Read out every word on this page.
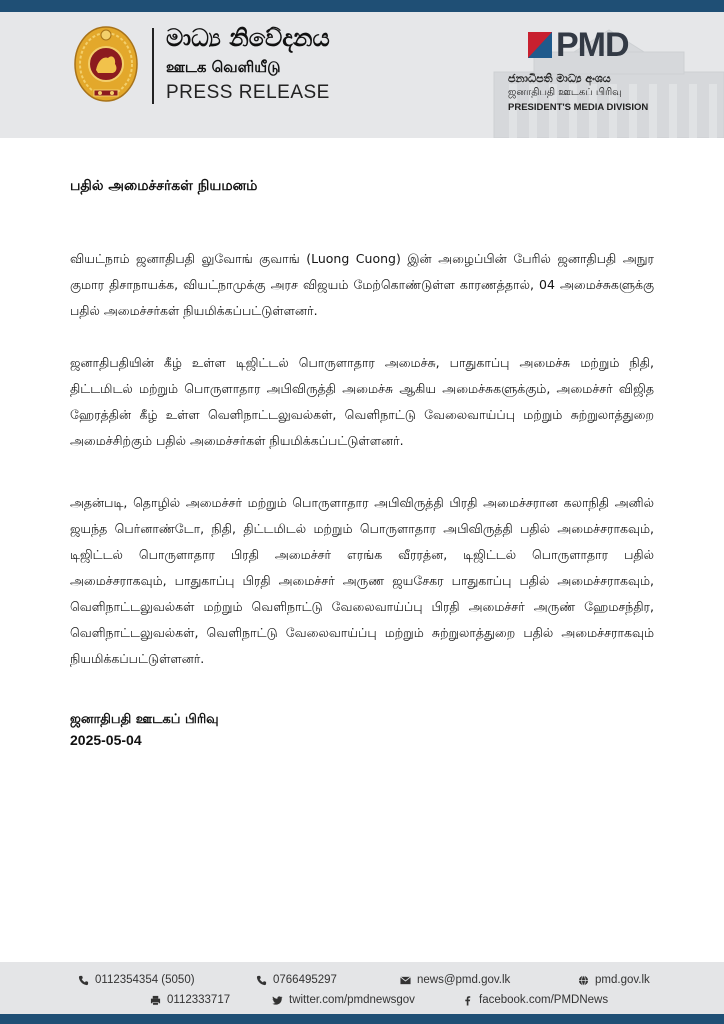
මාධ්‍ය නිවේදනය
ஊடக வெளியீடு
PRESS RELEASE
PMD
ජනාධිපති මාධ්‍ය අංශය
ஜனாதிபதி ஊடகப் பிரிவு
PRESIDENT'S MEDIA DIVISION
பதில் அமைச்சர்கள் நியமனம்

வியட்நாம் ஜனாதிபதி லுவோங் குவாங் (Luong Cuong) இன் அழைப்பின் பேரில் ஜனாதிபதி அநுர குமார திசாநாயக்க, வியட்நாமுக்கு அரச விஜயம் மேற்கொண்டுள்ள காரணத்தால், 04 அமைச்சுகளுக்கு பதில் அமைச்சர்கள் நியமிக்கப்பட்டுள்ளனர்.

ஜனாதிபதியின் கீழ் உள்ள டிஜிட்டல் பொருளாதார அமைச்சு, பாதுகாப்பு அமைச்சு மற்றும் நிதி, திட்டமிடல் மற்றும் பொருளாதார அபிவிருத்தி அமைச்சு ஆகிய அமைச்சுகளுக்கும், அமைச்சர் விஜித ஹேரத்தின் கீழ் உள்ள வெளிநாட்டலுவல்கள், வெளிநாட்டு வேலைவாய்ப்பு மற்றும் சுற்றுலாத்துறை அமைச்சிற்கும் பதில் அமைச்சர்கள் நியமிக்கப்பட்டுள்ளனர்.

அதன்படி, தொழில் அமைச்சர் மற்றும் பொருளாதார அபிவிருத்தி பிரதி அமைச்சரான கலாநிதி அனில் ஜயந்த பெர்னாண்டோ, நிதி, திட்டமிடல் மற்றும் பொருளாதார அபிவிருத்தி பதில் அமைச்சராகவும், டிஜிட்டல் பொருளாதார பிரதி அமைச்சர் எரங்க வீரரத்ன, டிஜிட்டல் பொருளாதார பதில் அமைச்சராகவும், பாதுகாப்பு பிரதி அமைச்சர் அருண ஜயசேகர பாதுகாப்பு பதில் அமைச்சராகவும், வெளிநாட்டலுவல்கள் மற்றும் வெளிநாட்டு வேலைவாய்ப்பு பிரதி அமைச்சர் அருண் ஹேமசந்திர, வெளிநாட்டலுவல்கள், வெளிநாட்டு வேலைவாய்ப்பு மற்றும் சுற்றுலாத்துறை பதில் அமைச்சராகவும் நியமிக்கப்பட்டுள்ளனர்.

ஜனாதிபதி ஊடகப் பிரிவு
2025-05-04
0112354354 (5050)	0766495297	news@pmd.gov.lk	pmd.gov.lk
0112333717	twitter.com/pmdnewsgov	facebook.com/PMDNews
